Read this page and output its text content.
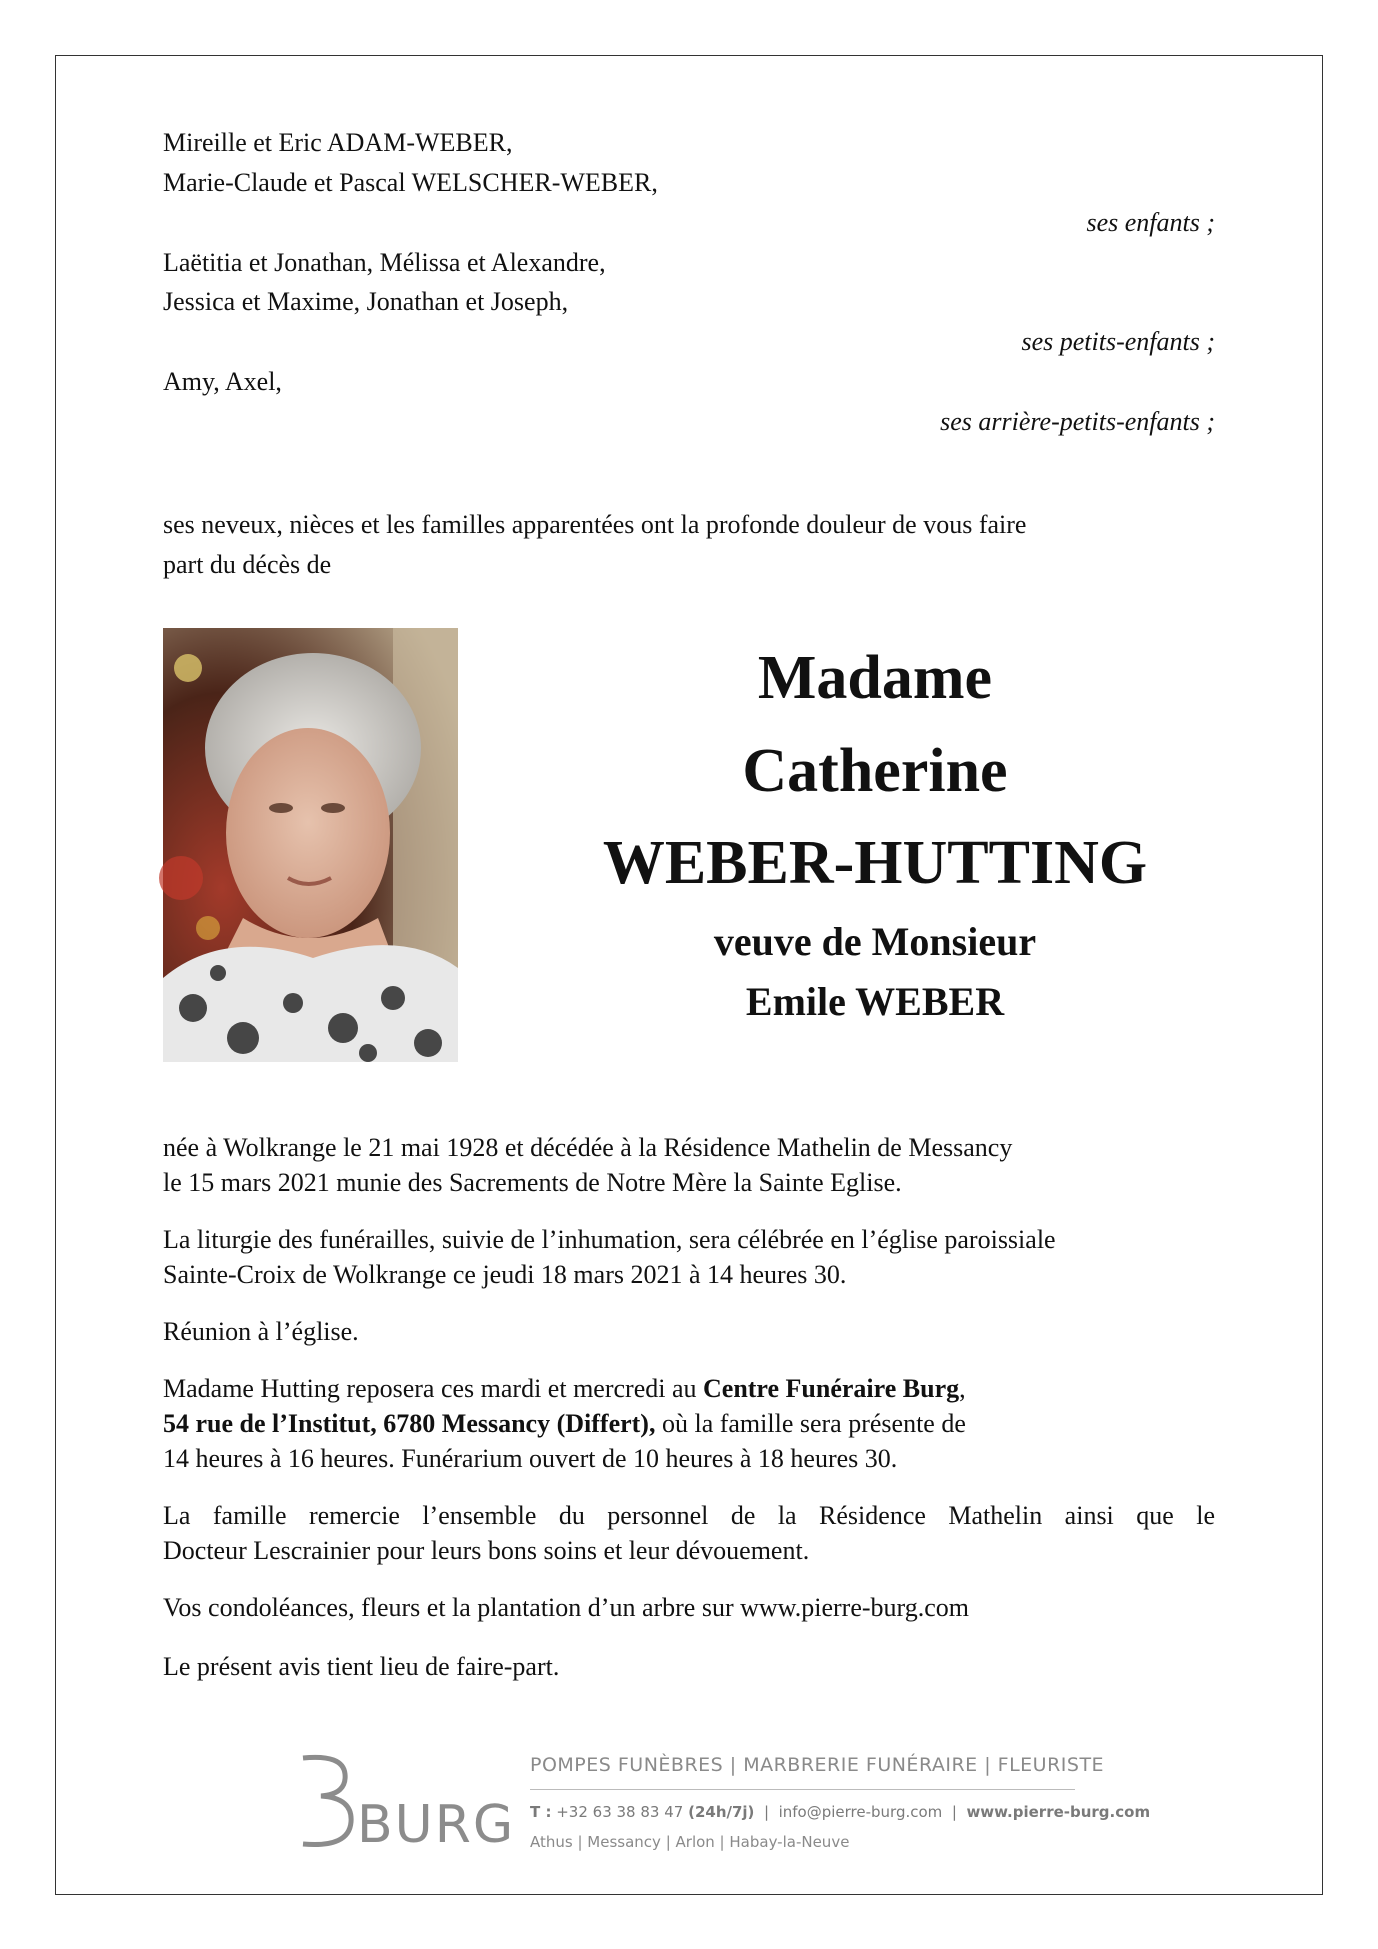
Mireille et Eric ADAM-WEBER,
Marie-Claude et Pascal WELSCHER-WEBER,
ses enfants ;
Laëtitia et Jonathan, Mélissa et Alexandre,
Jessica et Maxime, Jonathan et Joseph,
ses petits-enfants ;
Amy, Axel,
ses arrière-petits-enfants ;
ses neveux, nièces et les familles apparentées ont la profonde douleur de vous faire
part du décès de
Madame
Catherine
WEBER-HUTTING
veuve de Monsieur
Emile WEBER
née à Wolkrange le 21 mai 1928 et décédée à la Résidence Mathelin de Messancy
le 15 mars 2021 munie des Sacrements de Notre Mère la Sainte Eglise.
La liturgie des funérailles, suivie de l’inhumation, sera célébrée en l’église paroissiale
Sainte-Croix de Wolkrange ce jeudi 18 mars 2021 à 14 heures 30.
Réunion à l’église.
Madame Hutting reposera ces mardi et mercredi au Centre Funéraire Burg,
54 rue de l’Institut, 6780 Messancy (Differt), où la famille sera présente de
14 heures à 16 heures. Funérarium ouvert de 10 heures à 18 heures 30.
La famille remercie l’ensemble du personnel de la Résidence Mathelin ainsi que le
Docteur Lescrainier pour leurs bons soins et leur dévouement.
Vos condoléances, fleurs et la plantation d’un arbre sur www.pierre-burg.com
Le présent avis tient lieu de faire-part.
BURG
POMPES FUNÈBRES | MARBRERIE FUNÉRAIRE | FLEURISTE
T : +32 63 38 83 47 (24h/7j)  |  info@pierre-burg.com  |  www.pierre-burg.com
Athus | Messancy | Arlon | Habay-la-Neuve
